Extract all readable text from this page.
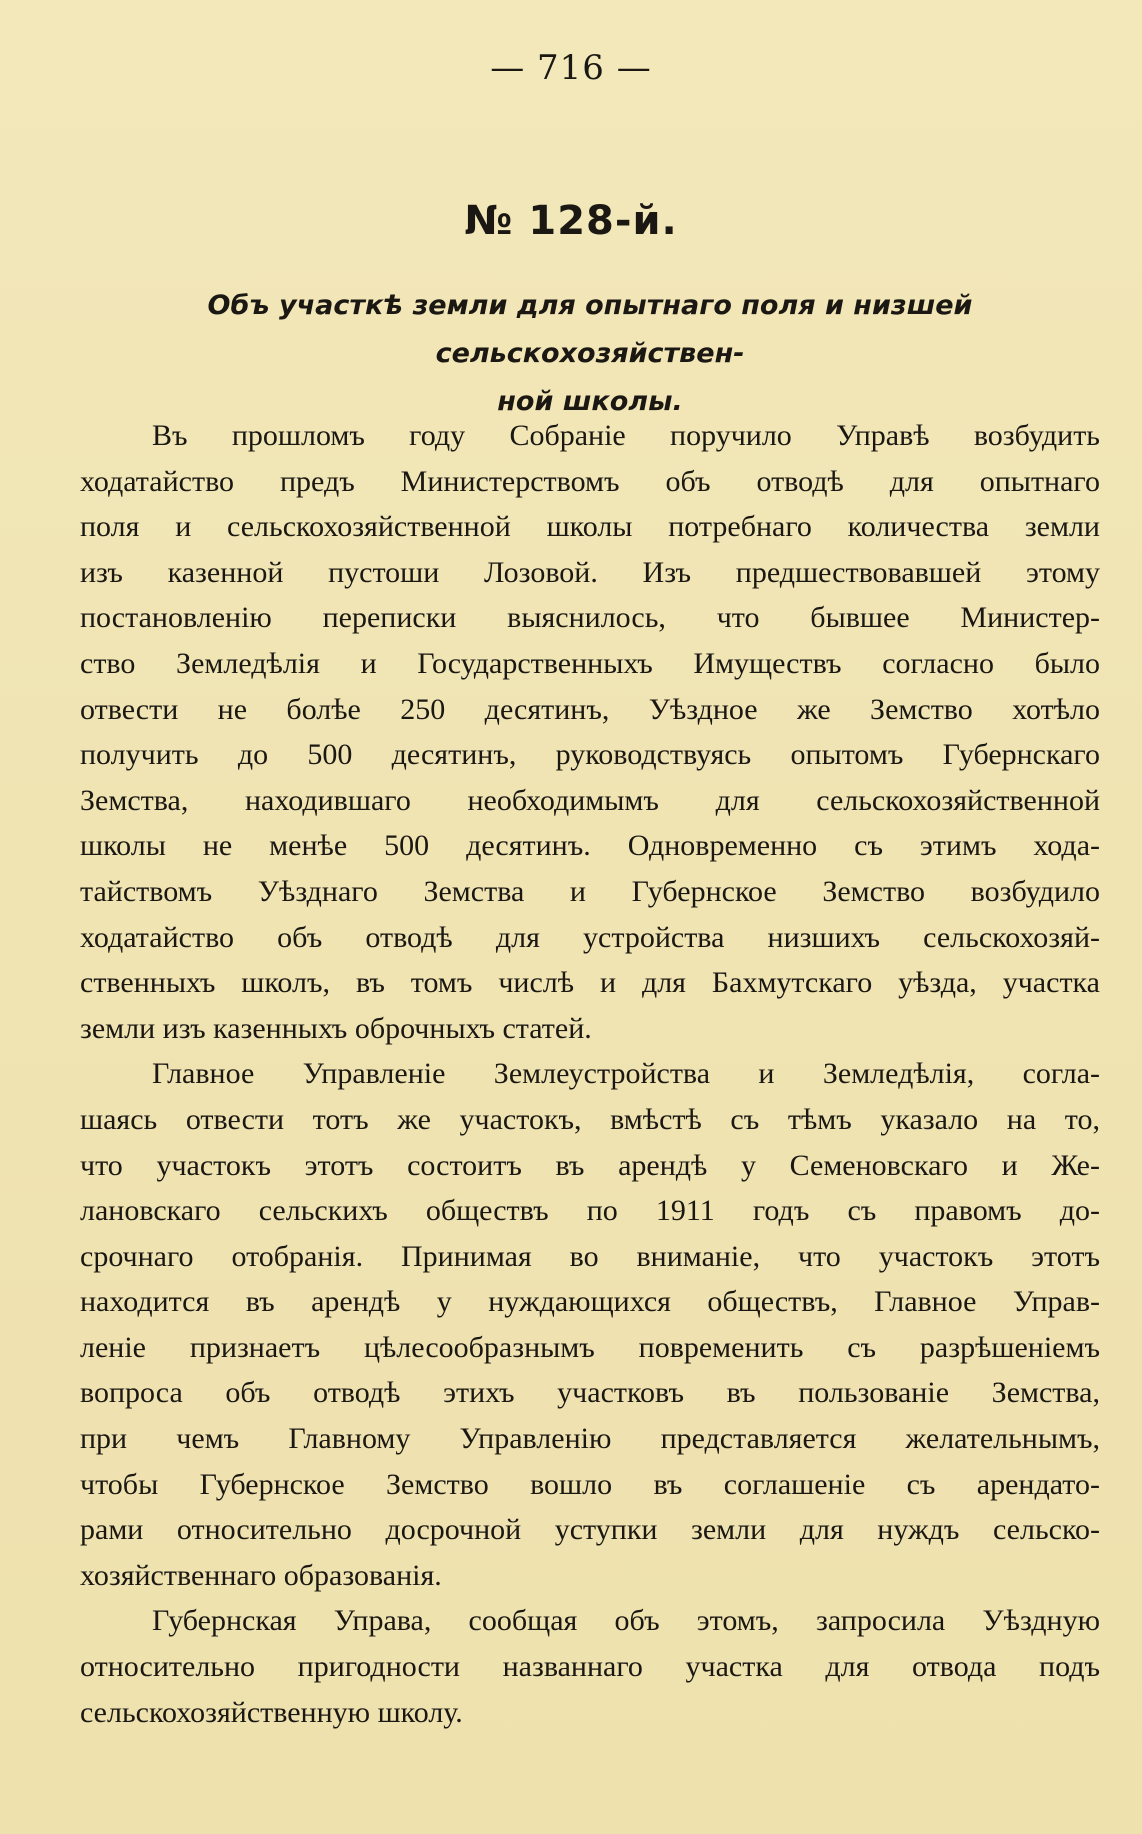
— 716 —
№ 128-й.
Объ участкѣ земли для опытнаго поля и низшей сельскохозяйствен-
ной школы.

Въ прошломъ году Собраніе поручило Управѣ возбудить
ходатайство предъ Министерствомъ объ отводѣ для опытнаго
поля и сельскохозяйственной школы потребнаго количества земли
изъ казенной пустоши Лозовой. Изъ предшествовавшей этому
постановленію переписки выяснилось, что бывшее Министер-
ство Земледѣлія и Государственныхъ Имуществъ согласно было
отвести не болѣе 250 десятинъ, Уѣздное же Земство хотѣло
получить до 500 десятинъ, руководствуясь опытомъ Губернскаго
Земства, находившаго необходимымъ для сельскохозяйственной
школы не менѣе 500 десятинъ. Одновременно съ этимъ хода-
тайствомъ Уѣзднаго Земства и Губернское Земство возбудило
ходатайство объ отводѣ для устройства низшихъ сельскохозяй-
ственныхъ школъ, въ томъ числѣ и для Бахмутскаго уѣзда, участка
земли изъ казенныхъ оброчныхъ статей.

Главное Управленіе Землеустройства и Земледѣлія, согла-
шаясь отвести тотъ же участокъ, вмѣстѣ съ тѣмъ указало на то,
что участокъ этотъ состоитъ въ арендѣ у Семеновскаго и Же-
лановскаго сельскихъ обществъ по 1911 годъ съ правомъ до-
срочнаго отобранія. Принимая во вниманіе, что участокъ этотъ
находится въ арендѣ у нуждающихся обществъ, Главное Управ-
леніе признаетъ цѣлесообразнымъ повременить съ разрѣшеніемъ
вопроса объ отводѣ этихъ участковъ въ пользованіе Земства,
при чемъ Главному Управленію представляется желательнымъ,
чтобы Губернское Земство вошло въ соглашеніе съ арендато-
рами относительно досрочной уступки земли для нуждъ сельско-
хозяйственнаго образованія.

Губернская Управа, сообщая объ этомъ, запросила Уѣздную
относительно пригодности названнаго участка для отвода подъ
сельскохозяйственную школу.
